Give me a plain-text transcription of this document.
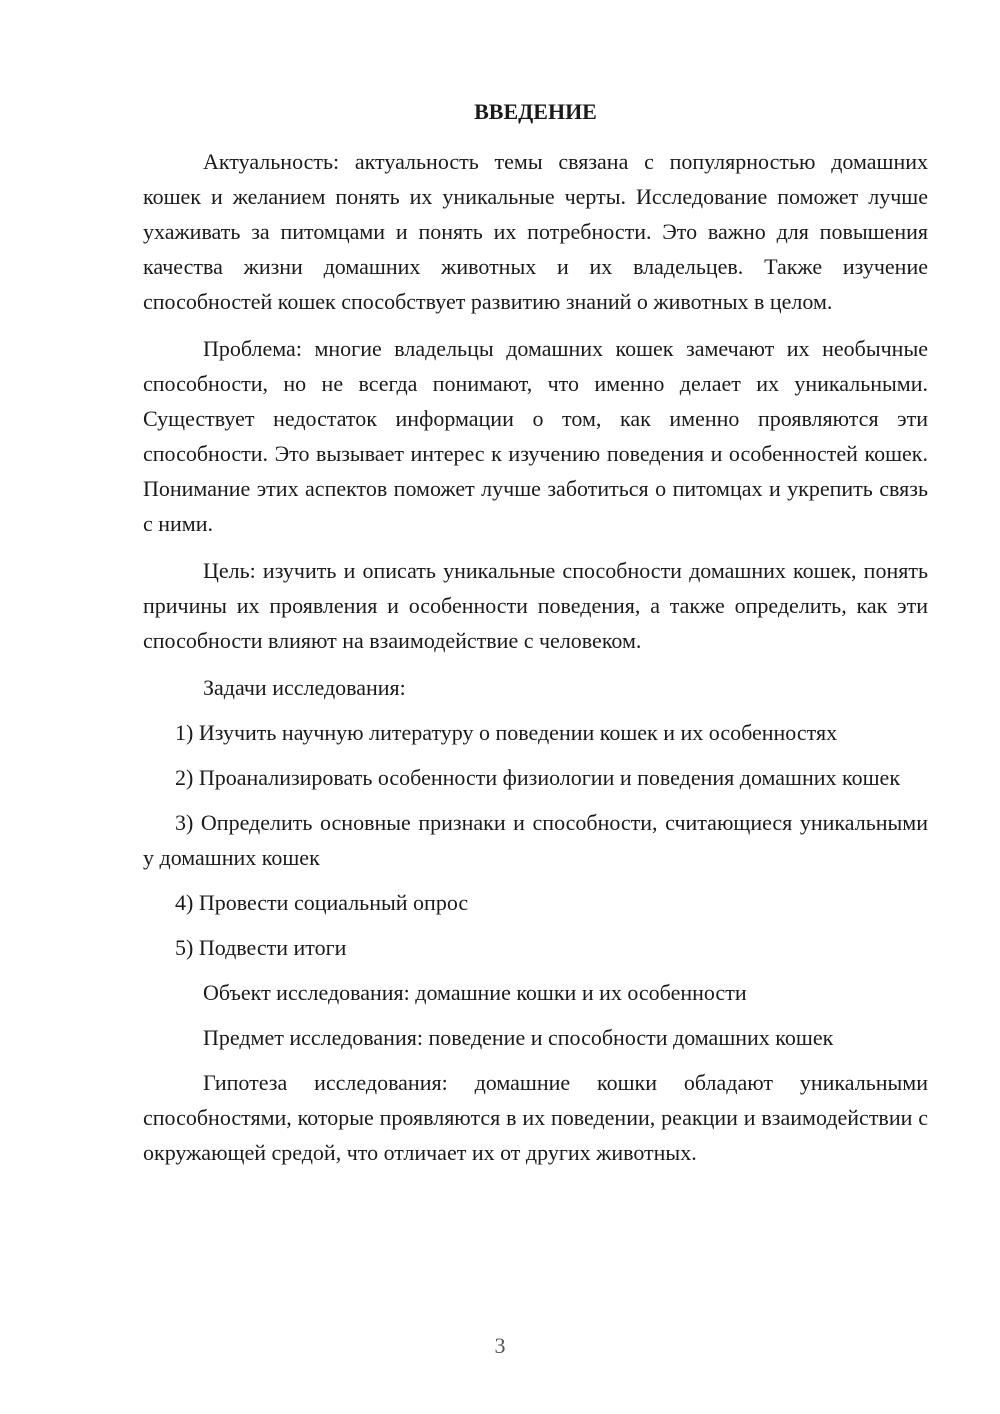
ВВЕДЕНИЕ

Актуальность: актуальность темы связана с популярностью домашних кошек и желанием понять их уникальные черты. Исследование поможет лучше ухаживать за питомцами и понять их потребности. Это важно для повышения качества жизни домашних животных и их владельцев. Также изучение способностей кошек способствует развитию знаний о животных в целом.

Проблема: многие владельцы домашних кошек замечают их необычные способности, но не всегда понимают, что именно делает их уникальными. Существует недостаток информации о том, как именно проявляются эти способности. Это вызывает интерес к изучению поведения и особенностей кошек. Понимание этих аспектов поможет лучше заботиться о питомцах и укрепить связь с ними.

Цель: изучить и описать уникальные способности домашних кошек, понять причины их проявления и особенности поведения, а также определить, как эти способности влияют на взаимодействие с человеком.

Задачи исследования:

1) Изучить научную литературу о поведении кошек и их особенностях

2) Проанализировать особенности физиологии и поведения домашних кошек

3) Определить основные признаки и способности, считающиеся уникальными у домашних кошек

4) Провести социальный опрос

5) Подвести итоги

Объект исследования: домашние кошки и их особенности

Предмет исследования: поведение и способности домашних кошек

Гипотеза исследования: домашние кошки обладают уникальными способностями, которые проявляются в их поведении, реакции и взаимодействии с окружающей средой, что отличает их от других животных.

3
